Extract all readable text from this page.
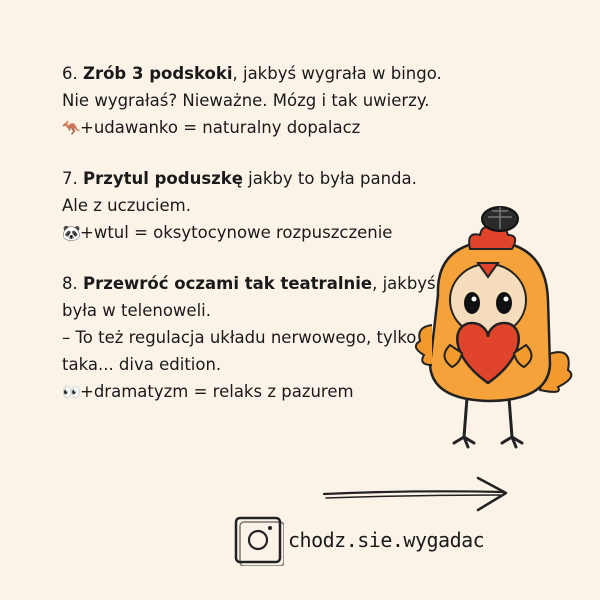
6. Zrób 3 podskoki, jakbyś wygrała w bingo.

Nie wygrałaś? Nieważne. Mózg i tak uwierzy.

🦘+udawanko = naturalny dopalacz

7. Przytul poduszkę jakby to była panda.

Ale z uczuciem.

🐼+wtul = oksytocynowe rozpuszczenie

8. Przewróć oczami tak teatralnie, jakbyś

była w telenoweli.

– To też regulacja układu nerwowego, tylko

taka... diva edition.

👀+dramatyzm = relaks z pazurem

chodz.sie.wygadac
